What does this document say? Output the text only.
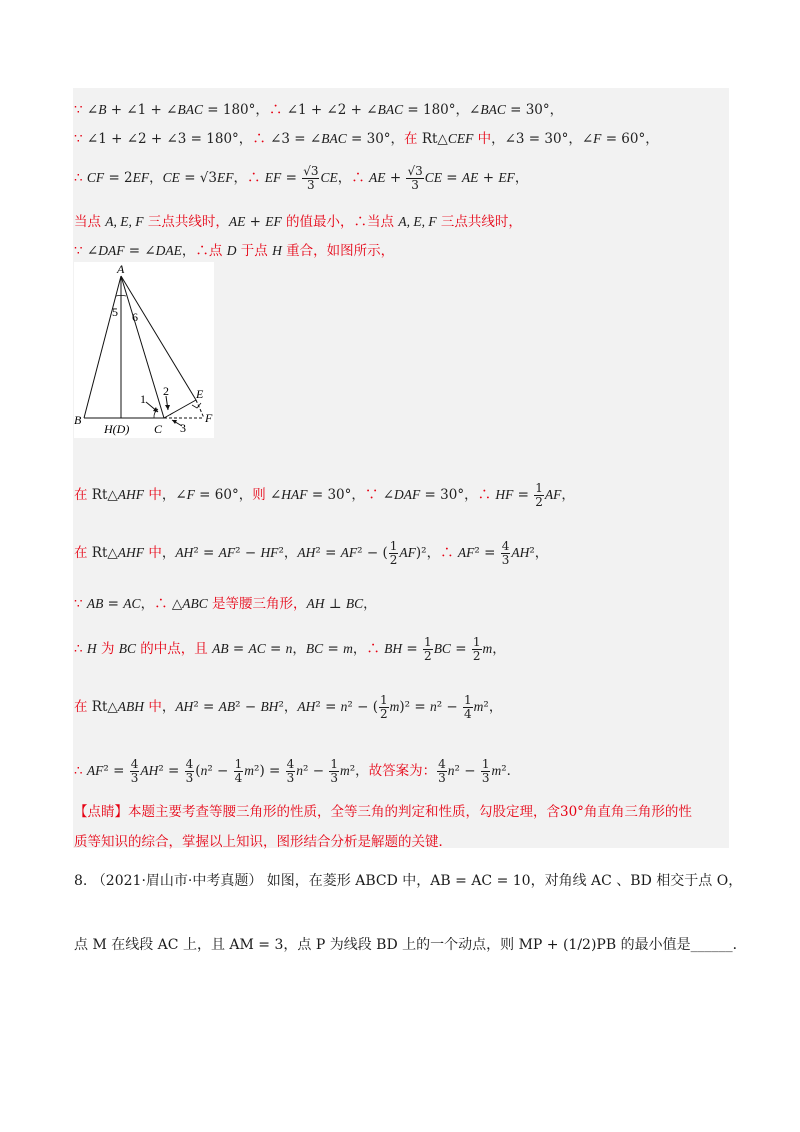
∵ ∠B + ∠1 + ∠BAC = 180°，∴ ∠1 + ∠2 + ∠BAC = 180°，∠BAC = 30°，
∵ ∠1 + ∠2 + ∠3 = 180°，∴ ∠3 = ∠BAC = 30°，在 Rt△CEF 中，∠3 = 30°，∠F = 60°，
∴ CF = 2EF，CE = √3EF，∴ EF = $\frac{√3}{3}$ CE，∴ AE + $\frac{√3}{3}$ CE = AE + EF，
当点 A, E, F 三点共线时，AE + EF 的值最小，∴当点 A, E, F 三点共线时，
∵ ∠DAF = ∠DAE，∴点 D 于点 H 重合，如图所示，
A
B
H(D) C
E
F
1
2
3
5 6
在 Rt△AHF 中，∠F = 60°，则 ∠HAF = 30°，∵ ∠DAF = 30°，∴ HF = $\frac{1}{2}$ AF，
在 Rt△AHF 中，AH² = AF² − HF²，AH² = AF² − ( $\frac{1}{2} AF)^2$，∴ $AF^2 = \frac{4}{3} AH^2$，
∵ AB = AC，∴ △ABC 是等腰三角形，AH ⊥ BC，
∴ H 为 BC 的中点，且 AB = AC = n，BC = m，∴ BH = $\frac{1}{2}$ BC = $\frac{1}{2}$ m，
在 Rt△ABH 中，AH² = AB² − BH²，AH² = n² − ( $\frac{1}{2} m)^2 = n^2 - \frac{1}{4} m^2$，
∴ $AF^2 = \frac{4}{3} AH^2 = \frac{4}{3} (n^2 - \frac{1}{4} m^2) = \frac{4}{3} n^2 - \frac{1}{3} m^2$，故答案为： $\frac{4}{3} n^2 - \frac{1}{3} m^2$．
【点睛】本题主要考查等腰三角形的性质，全等三角的判定和性质，勾股定理，含30°角直角三角形的性
质等知识的综合，掌握以上知识，图形结合分析是解题的关键．
8. （2021·眉山市·中考真题） 如图，在菱形 ABCD 中，AB = AC = 10，对角线 AC 、BD 相交于点 O，
点 M 在线段 AC 上，且 AM = 3，点 P 为线段 BD 上的一个动点，则 MP + (1/2)PB 的最小值是______．
